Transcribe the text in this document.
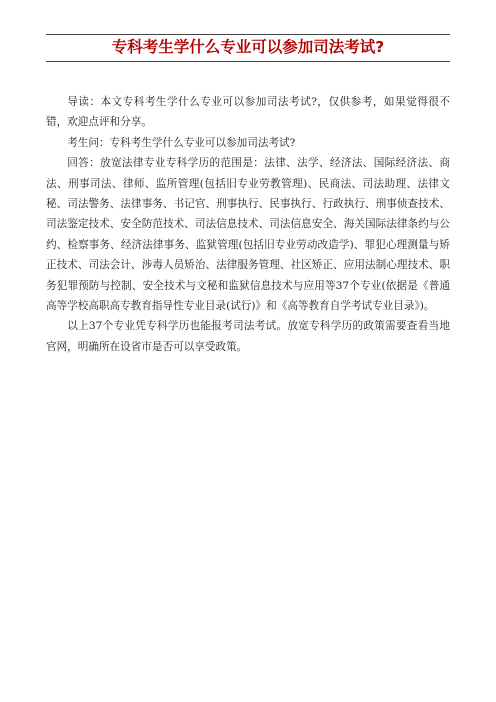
专科考生学什么专业可以参加司法考试?

导读：本文专科考生学什么专业可以参加司法考试?，仅供参考，如果觉得很不错，欢迎点评和分享。

考生问：专科考生学什么专业可以参加司法考试?

回答：放宽法律专业专科学历的范围是：法律、法学、经济法、国际经济法、商法、刑事司法、律师、监所管理(包括旧专业劳教管理)、民商法、司法助理、法律文秘、司法警务、法律事务、书记官、刑事执行、民事执行、行政执行、刑事侦查技术、司法鉴定技术、安全防范技术、司法信息技术、司法信息安全、海关国际法律条约与公约、检察事务、经济法律事务、监狱管理(包括旧专业劳动改造学)、罪犯心理测量与矫正技术、司法会计、涉毒人员矫治、法律服务管理、社区矫正、应用法制心理技术、职务犯罪预防与控制、安全技术与文秘和监狱信息技术与应用等37个专业(依据是《普通高等学校高职高专教育指导性专业目录(试行)》和《高等教育自学考试专业目录》)。

以上37个专业凭专科学历也能报考司法考试。放宽专科学历的政策需要查看当地官网，明确所在设省市是否可以享受政策。
